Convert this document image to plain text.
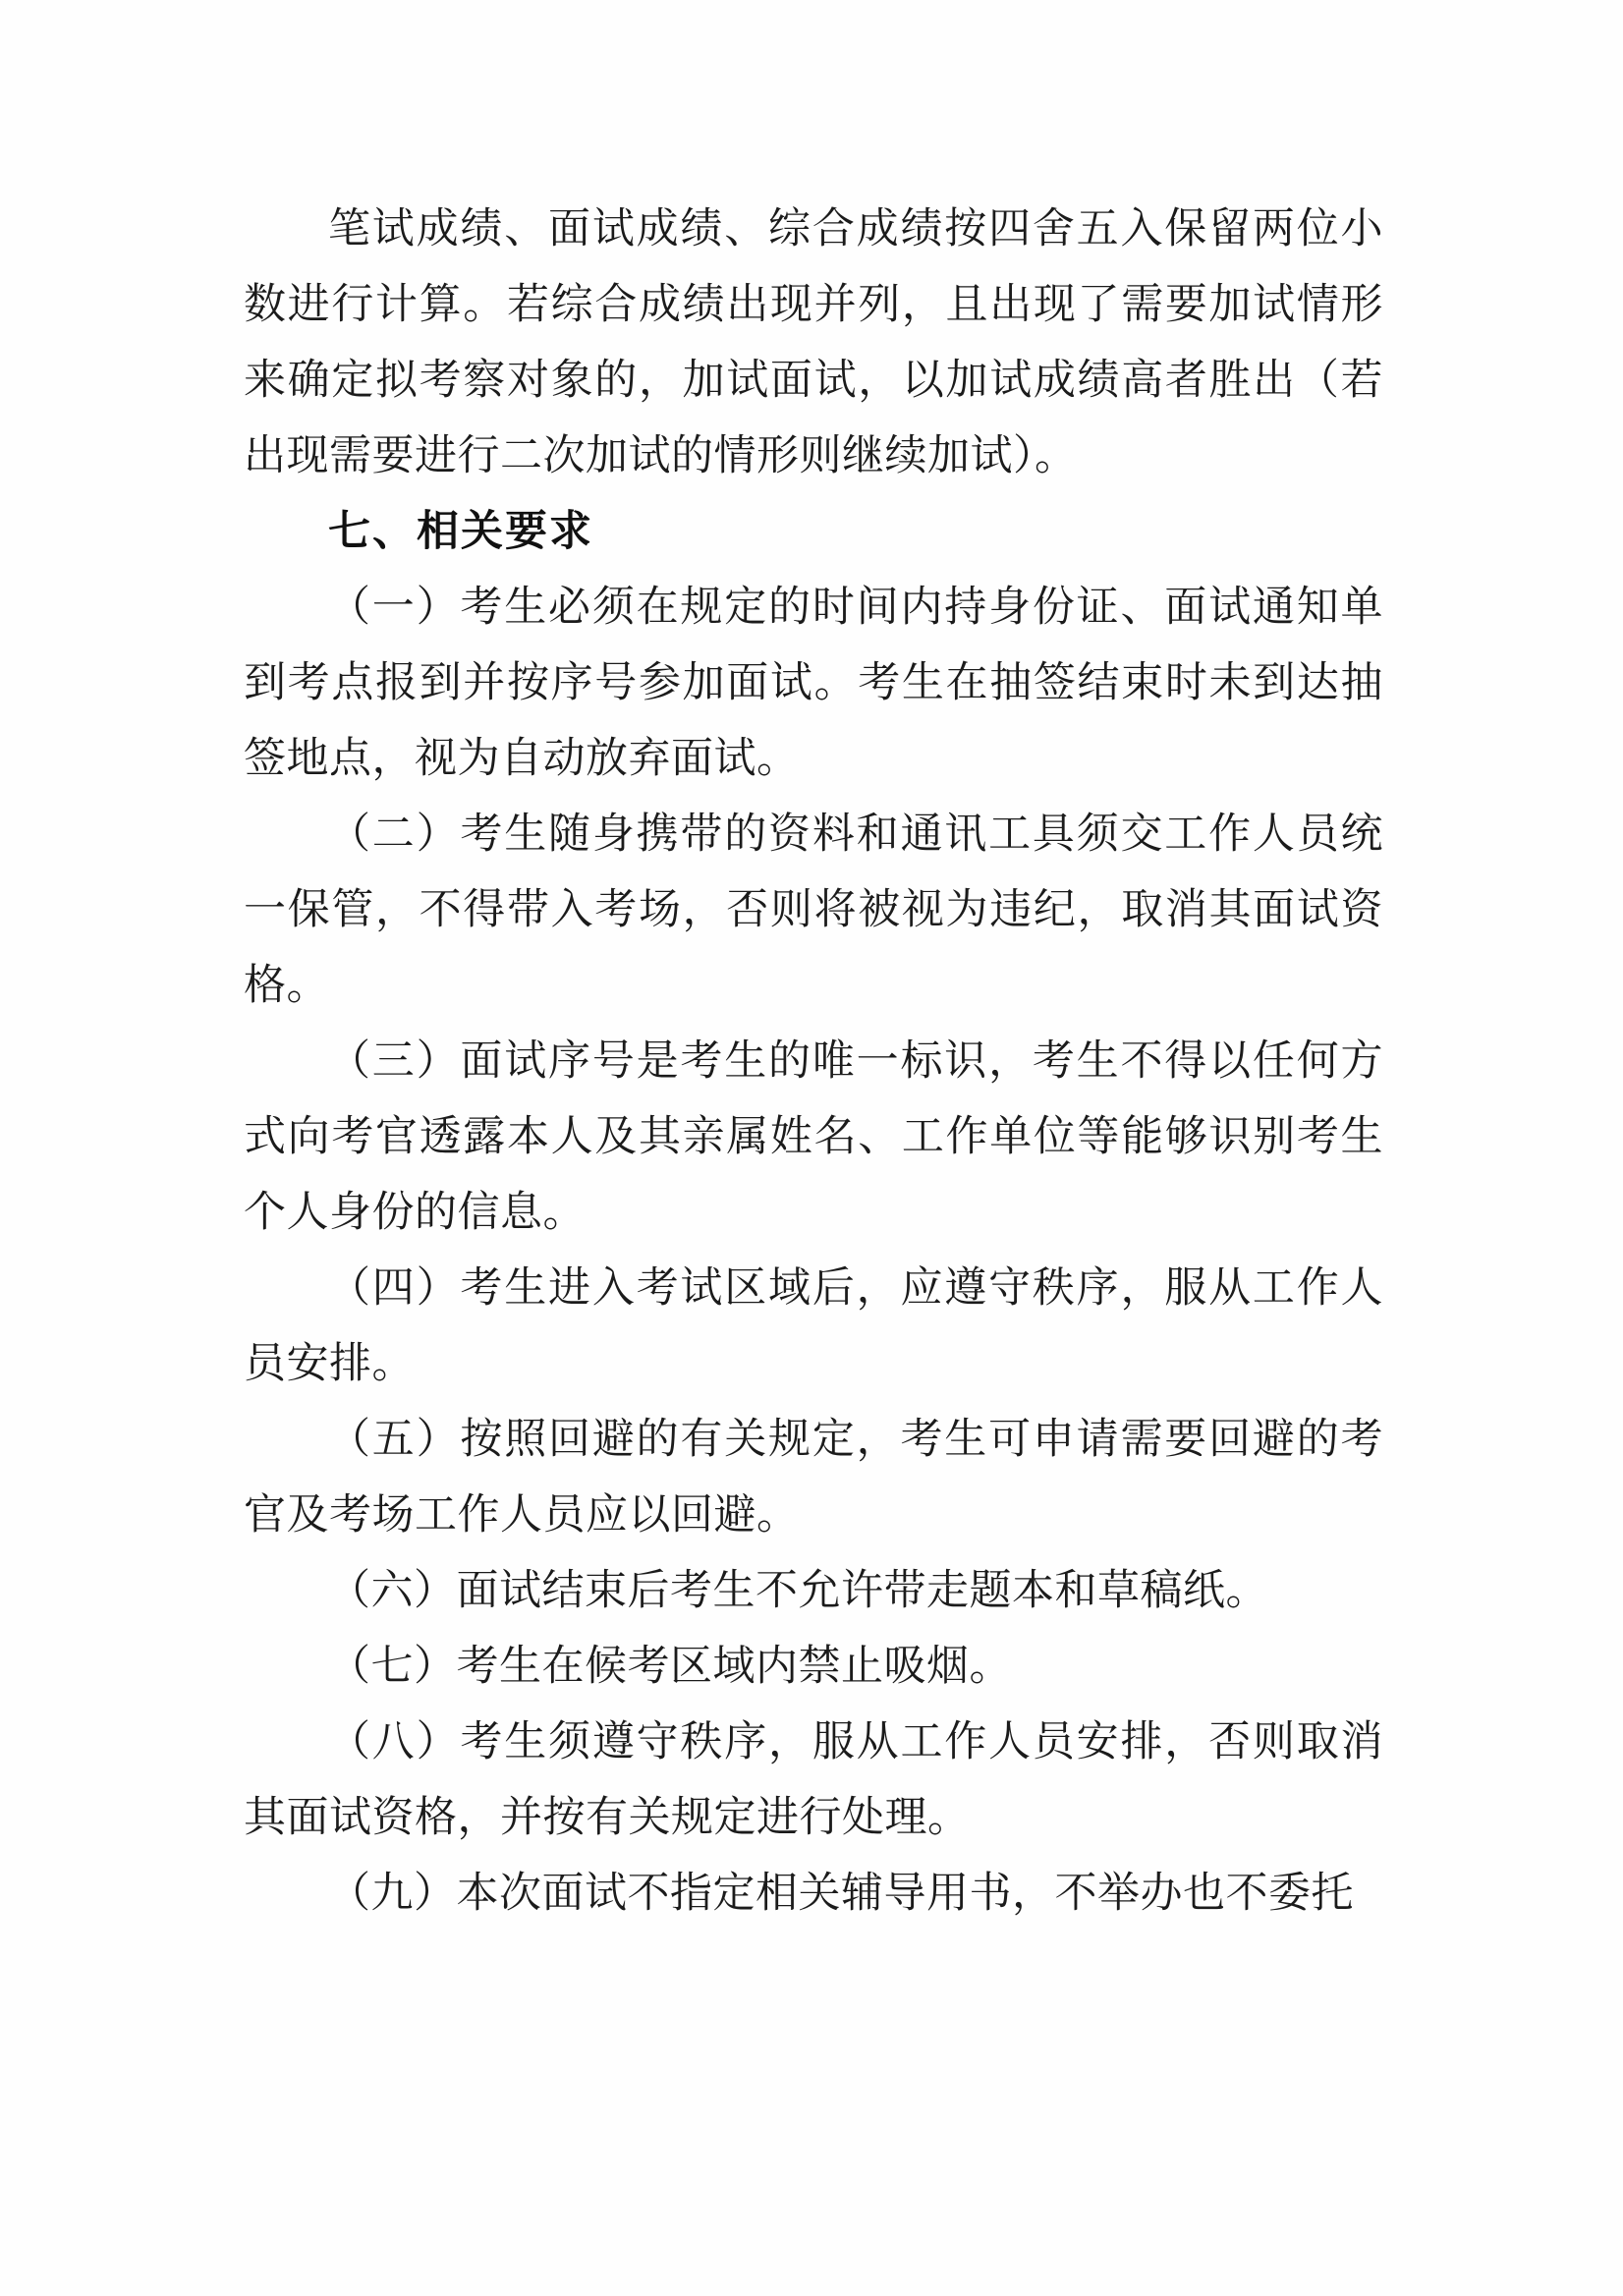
笔试成绩、面试成绩、综合成绩按四舍五入保留两位小数进行计算。若综合成绩出现并列，且出现了需要加试情形来确定拟考察对象的，加试面试，以加试成绩高者胜出（若出现需要进行二次加试的情形则继续加试）。

七、相关要求

（一）考生必须在规定的时间内持身份证、面试通知单到考点报到并按序号参加面试。考生在抽签结束时未到达抽签地点，视为自动放弃面试。

（二）考生随身携带的资料和通讯工具须交工作人员统一保管，不得带入考场，否则将被视为违纪，取消其面试资格。

（三）面试序号是考生的唯一标识，考生不得以任何方式向考官透露本人及其亲属姓名、工作单位等能够识别考生个人身份的信息。

（四）考生进入考试区域后，应遵守秩序，服从工作人员安排。

（五）按照回避的有关规定，考生可申请需要回避的考官及考场工作人员应以回避。

（六）面试结束后考生不允许带走题本和草稿纸。

（七）考生在候考区域内禁止吸烟。

（八）考生须遵守秩序，服从工作人员安排，否则取消其面试资格，并按有关规定进行处理。

（九）本次面试不指定相关辅导用书，不举办也不委托
